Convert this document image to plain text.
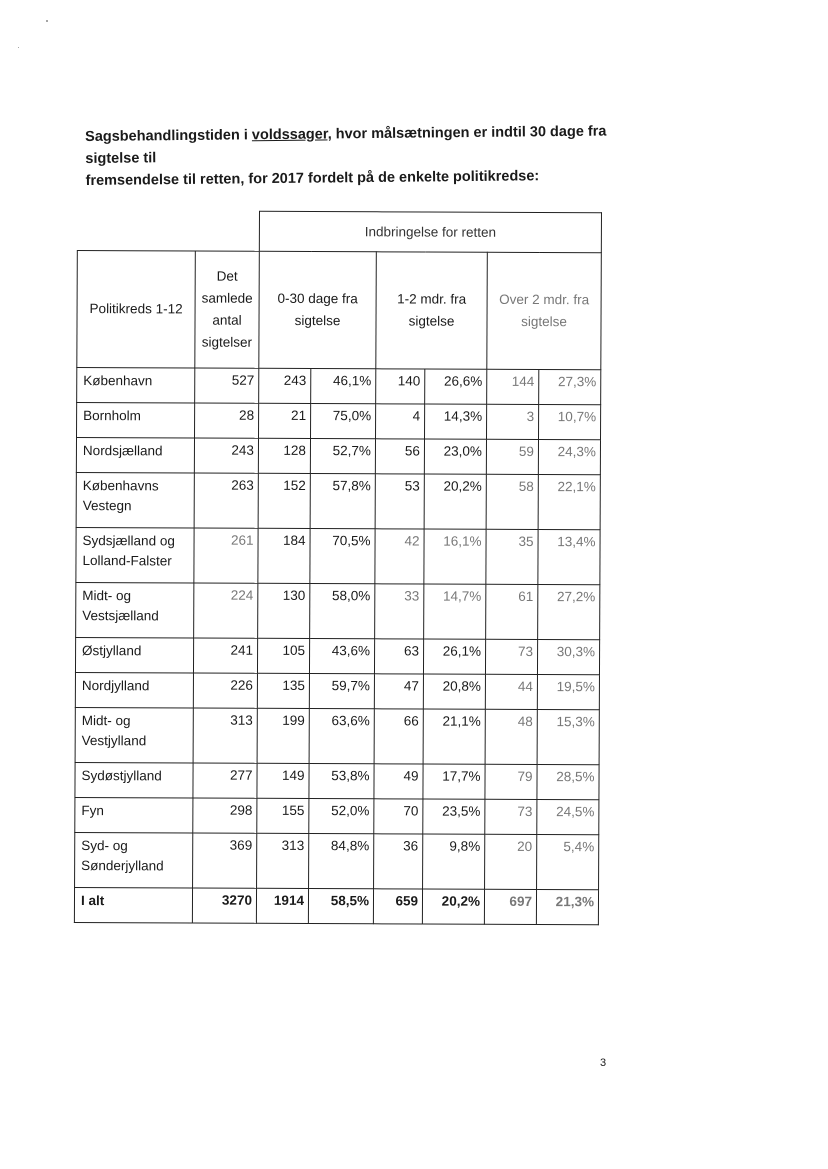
Sagsbehandlingstiden i voldssager, hvor målsætningen er indtil 30 dage fra sigtelse til
fremsendelse til retten, for 2017 fordelt på de enkelte politikredse:
		Indbringelse for retten					
Politikreds 1-12	Det samlede antal sigtelser	0-30 dage fra sigtelse		1-2 mdr. fra sigtelse		Over 2 mdr. fra sigtelse	
København	527	243	46,1%	140	26,6%	144	27,3%
Bornholm	28	21	75,0%	4	14,3%	3	10,7%
Nordsjælland	243	128	52,7%	56	23,0%	59	24,3%
Københavns Vestegn	263	152	57,8%	53	20,2%	58	22,1%
Sydsjælland og Lolland-Falster	261	184	70,5%	42	16,1%	35	13,4%
Midt- og Vestsjælland	224	130	58,0%	33	14,7%	61	27,2%
Østjylland	241	105	43,6%	63	26,1%	73	30,3%
Nordjylland	226	135	59,7%	47	20,8%	44	19,5%
Midt- og Vestjylland	313	199	63,6%	66	21,1%	48	15,3%
Sydøstjylland	277	149	53,8%	49	17,7%	79	28,5%
Fyn	298	155	52,0%	70	23,5%	73	24,5%
Syd- og Sønderjylland	369	313	84,8%	36	9,8%	20	5,4%
I alt	3270	1914	58,5%	659	20,2%	697	21,3%
3
